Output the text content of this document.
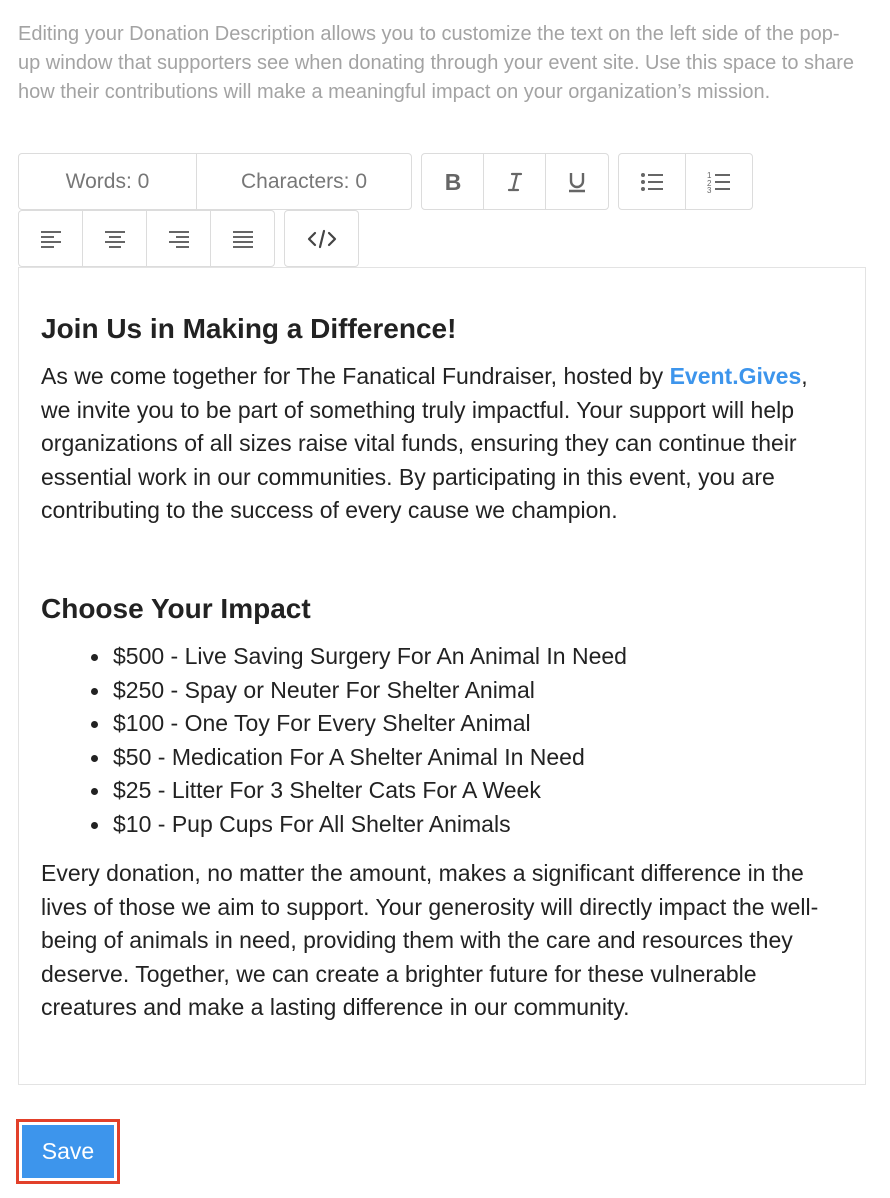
Editing your Donation Description allows you to customize the text on the left side of the pop-up window that supporters see when donating through your event site. Use this space to share how their contributions will make a meaningful impact on your organization’s mission.
Words: 0	Characters: 0	B	1
2
3
Join Us in Making a Difference!

As we come together for The Fanatical Fundraiser, hosted by Event.Gives, we invite you to be part of something truly impactful. Your support will help organizations of all sizes raise vital funds, ensuring they can continue their essential work in our communities. By participating in this event, you are contributing to the success of every cause we champion.

Choose Your Impact
$500 - Live Saving Surgery For An Animal In Need
$250 - Spay or Neuter For Shelter Animal
$100 - One Toy For Every Shelter Animal
$50 - Medication For A Shelter Animal In Need
$25 - Litter For 3 Shelter Cats For A Week
$10 - Pup Cups For All Shelter Animals

Every donation, no matter the amount, makes a significant difference in the lives of those we aim to support. Your generosity will directly impact the well-being of animals in need, providing them with the care and resources they deserve. Together, we can create a brighter future for these vulnerable creatures and make a lasting difference in our community.

Save
